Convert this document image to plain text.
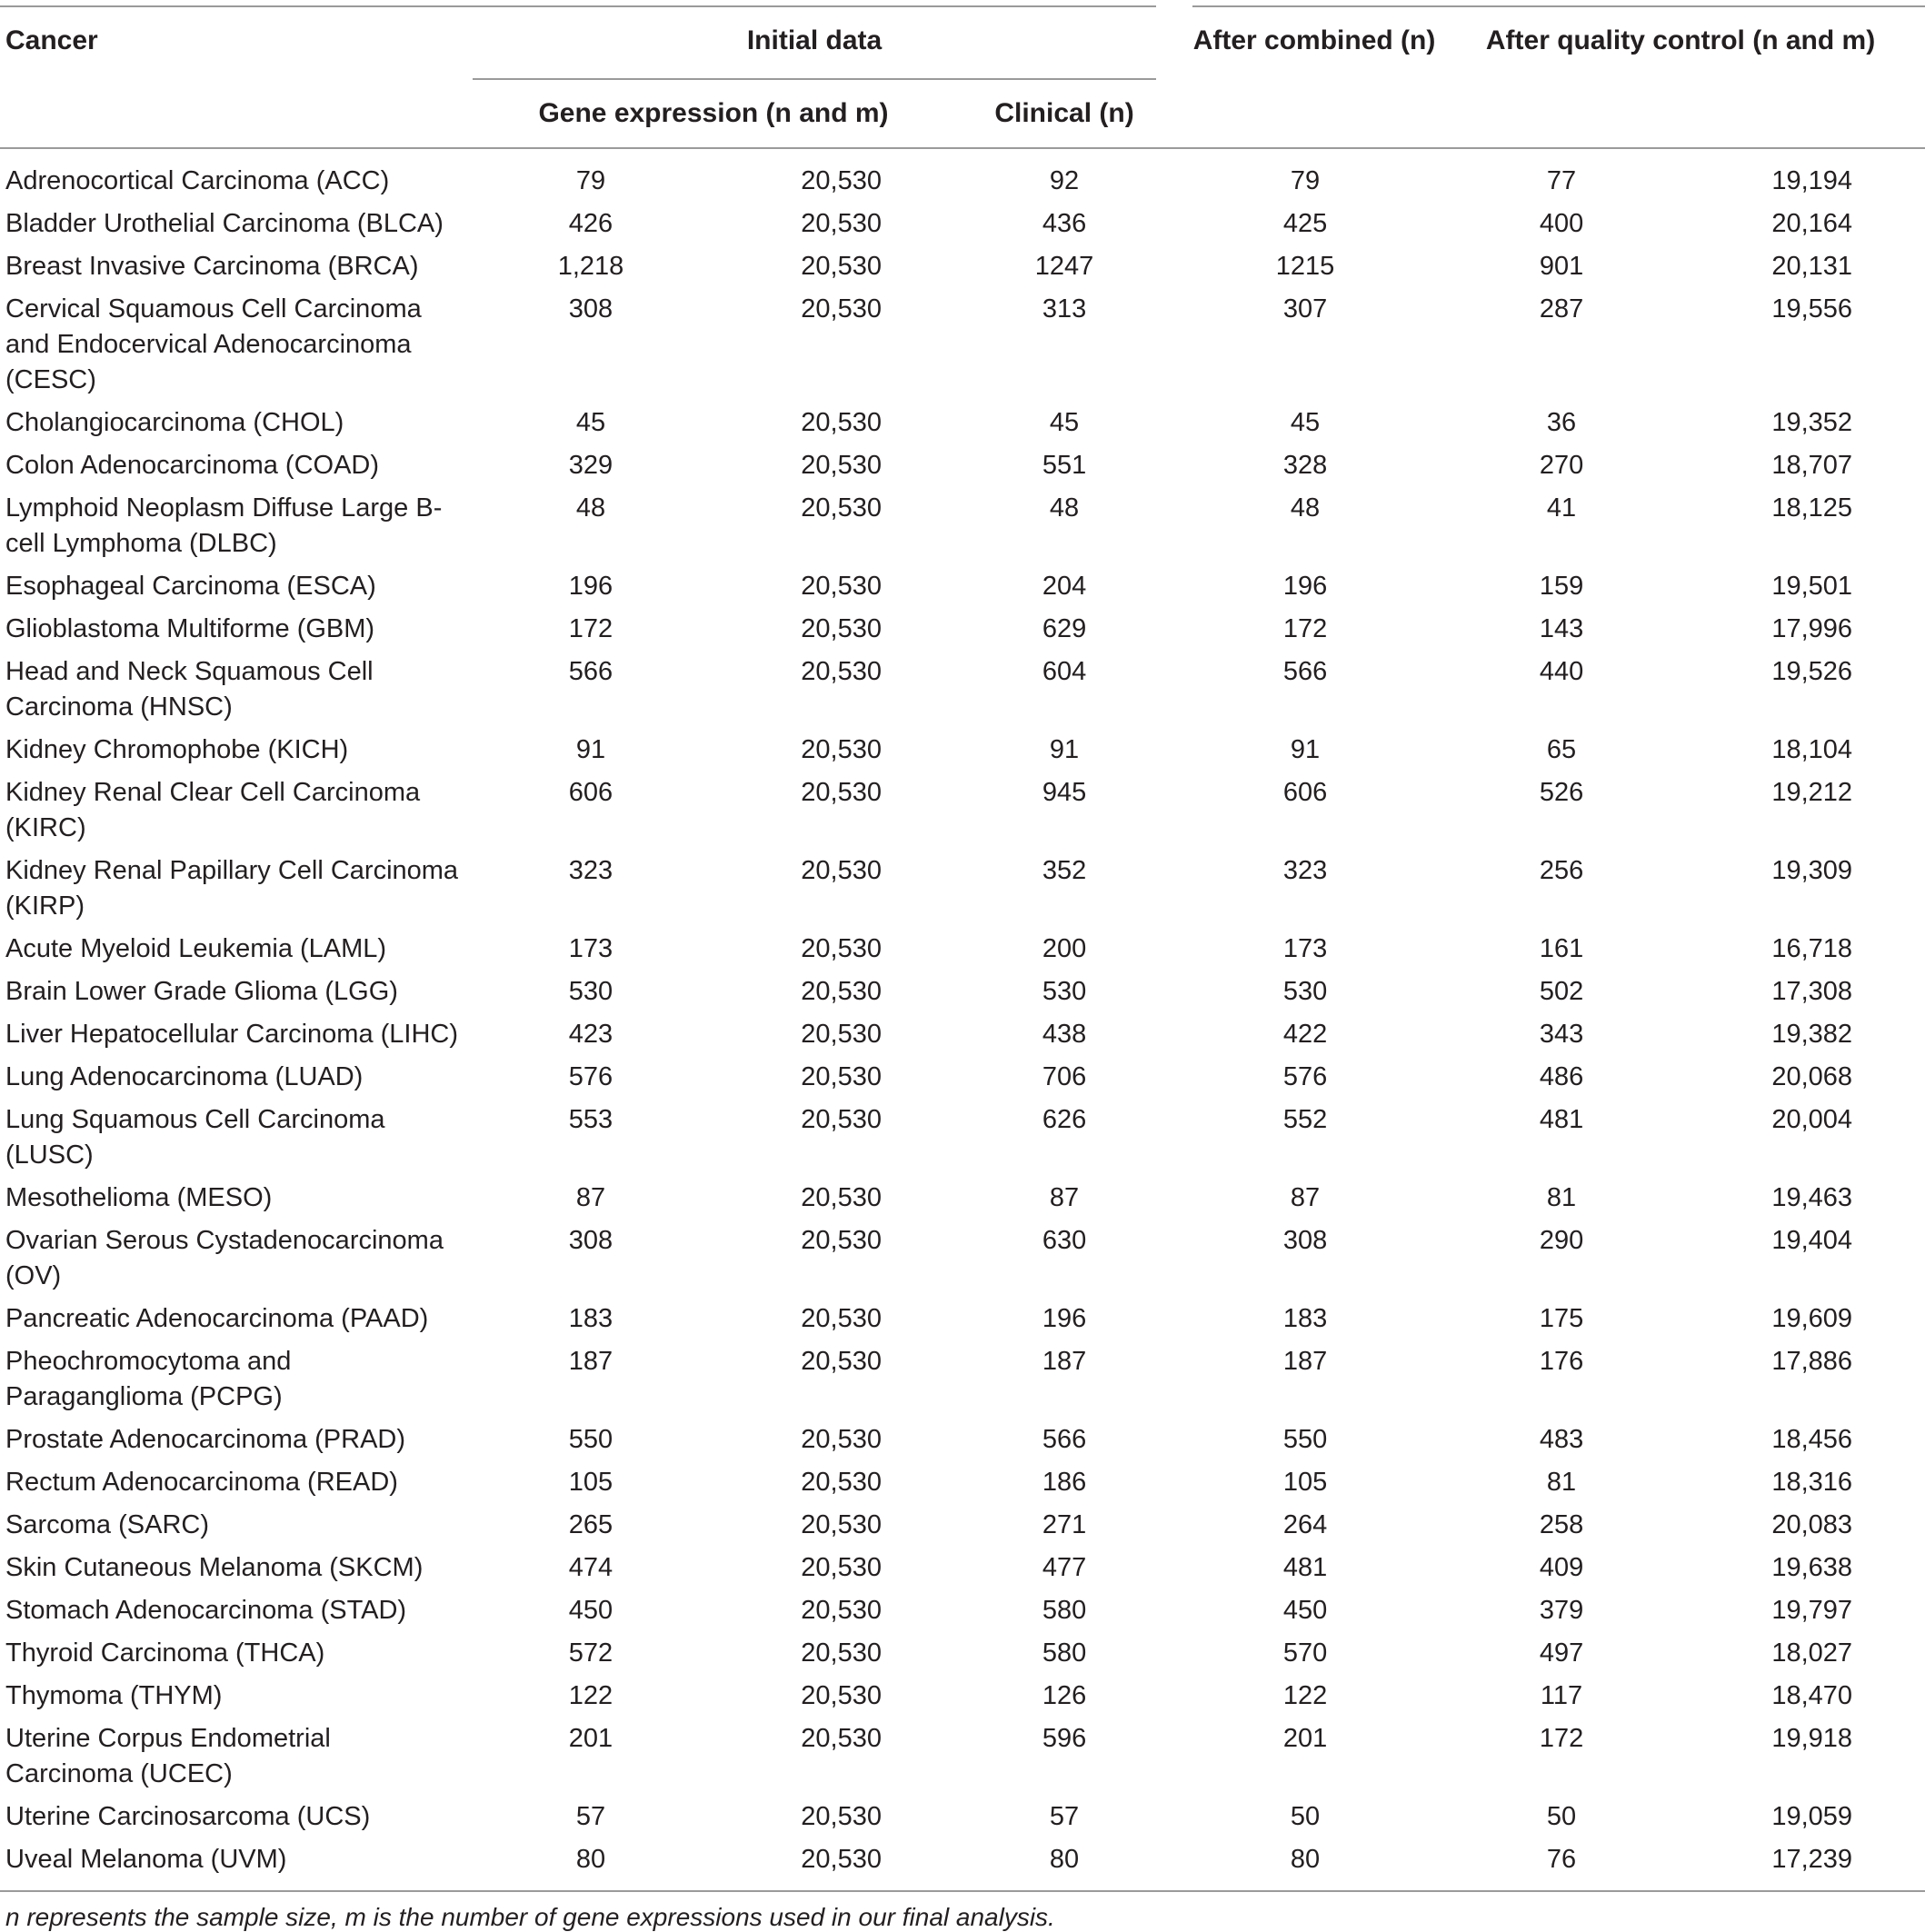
Cancer	Initial data			After combined (n)	After quality control (n and m)	
	Gene expression (n and m)		Clinical (n)			
Adrenocortical Carcinoma (ACC)	79	20,530	92	79	77	19,194
Bladder Urothelial Carcinoma (BLCA)	426	20,530	436	425	400	20,164
Breast Invasive Carcinoma (BRCA)	1,218	20,530	1247	1215	901	20,131
Cervical Squamous Cell Carcinoma and Endocervical Adenocarcinoma (CESC)	308	20,530	313	307	287	19,556
Cholangiocarcinoma (CHOL)	45	20,530	45	45	36	19,352
Colon Adenocarcinoma (COAD)	329	20,530	551	328	270	18,707
Lymphoid Neoplasm Diffuse Large B-cell Lymphoma (DLBC)	48	20,530	48	48	41	18,125
Esophageal Carcinoma (ESCA)	196	20,530	204	196	159	19,501
Glioblastoma Multiforme (GBM)	172	20,530	629	172	143	17,996
Head and Neck Squamous Cell Carcinoma (HNSC)	566	20,530	604	566	440	19,526
Kidney Chromophobe (KICH)	91	20,530	91	91	65	18,104
Kidney Renal Clear Cell Carcinoma (KIRC)	606	20,530	945	606	526	19,212
Kidney Renal Papillary Cell Carcinoma (KIRP)	323	20,530	352	323	256	19,309
Acute Myeloid Leukemia (LAML)	173	20,530	200	173	161	16,718
Brain Lower Grade Glioma (LGG)	530	20,530	530	530	502	17,308
Liver Hepatocellular Carcinoma (LIHC)	423	20,530	438	422	343	19,382
Lung Adenocarcinoma (LUAD)	576	20,530	706	576	486	20,068
Lung Squamous Cell Carcinoma (LUSC)	553	20,530	626	552	481	20,004
Mesothelioma (MESO)	87	20,530	87	87	81	19,463
Ovarian Serous Cystadenocarcinoma (OV)	308	20,530	630	308	290	19,404
Pancreatic Adenocarcinoma (PAAD)	183	20,530	196	183	175	19,609
Pheochromocytoma and Paraganglioma (PCPG)	187	20,530	187	187	176	17,886
Prostate Adenocarcinoma (PRAD)	550	20,530	566	550	483	18,456
Rectum Adenocarcinoma (READ)	105	20,530	186	105	81	18,316
Sarcoma (SARC)	265	20,530	271	264	258	20,083
Skin Cutaneous Melanoma (SKCM)	474	20,530	477	481	409	19,638
Stomach Adenocarcinoma (STAD)	450	20,530	580	450	379	19,797
Thyroid Carcinoma (THCA)	572	20,530	580	570	497	18,027
Thymoma (THYM)	122	20,530	126	122	117	18,470
Uterine Corpus Endometrial Carcinoma (UCEC)	201	20,530	596	201	172	19,918
Uterine Carcinosarcoma (UCS)	57	20,530	57	50	50	19,059
Uveal Melanoma (UVM)	80	20,530	80	80	76	17,239
n represents the sample size, m is the number of gene expressions used in our final analysis.
